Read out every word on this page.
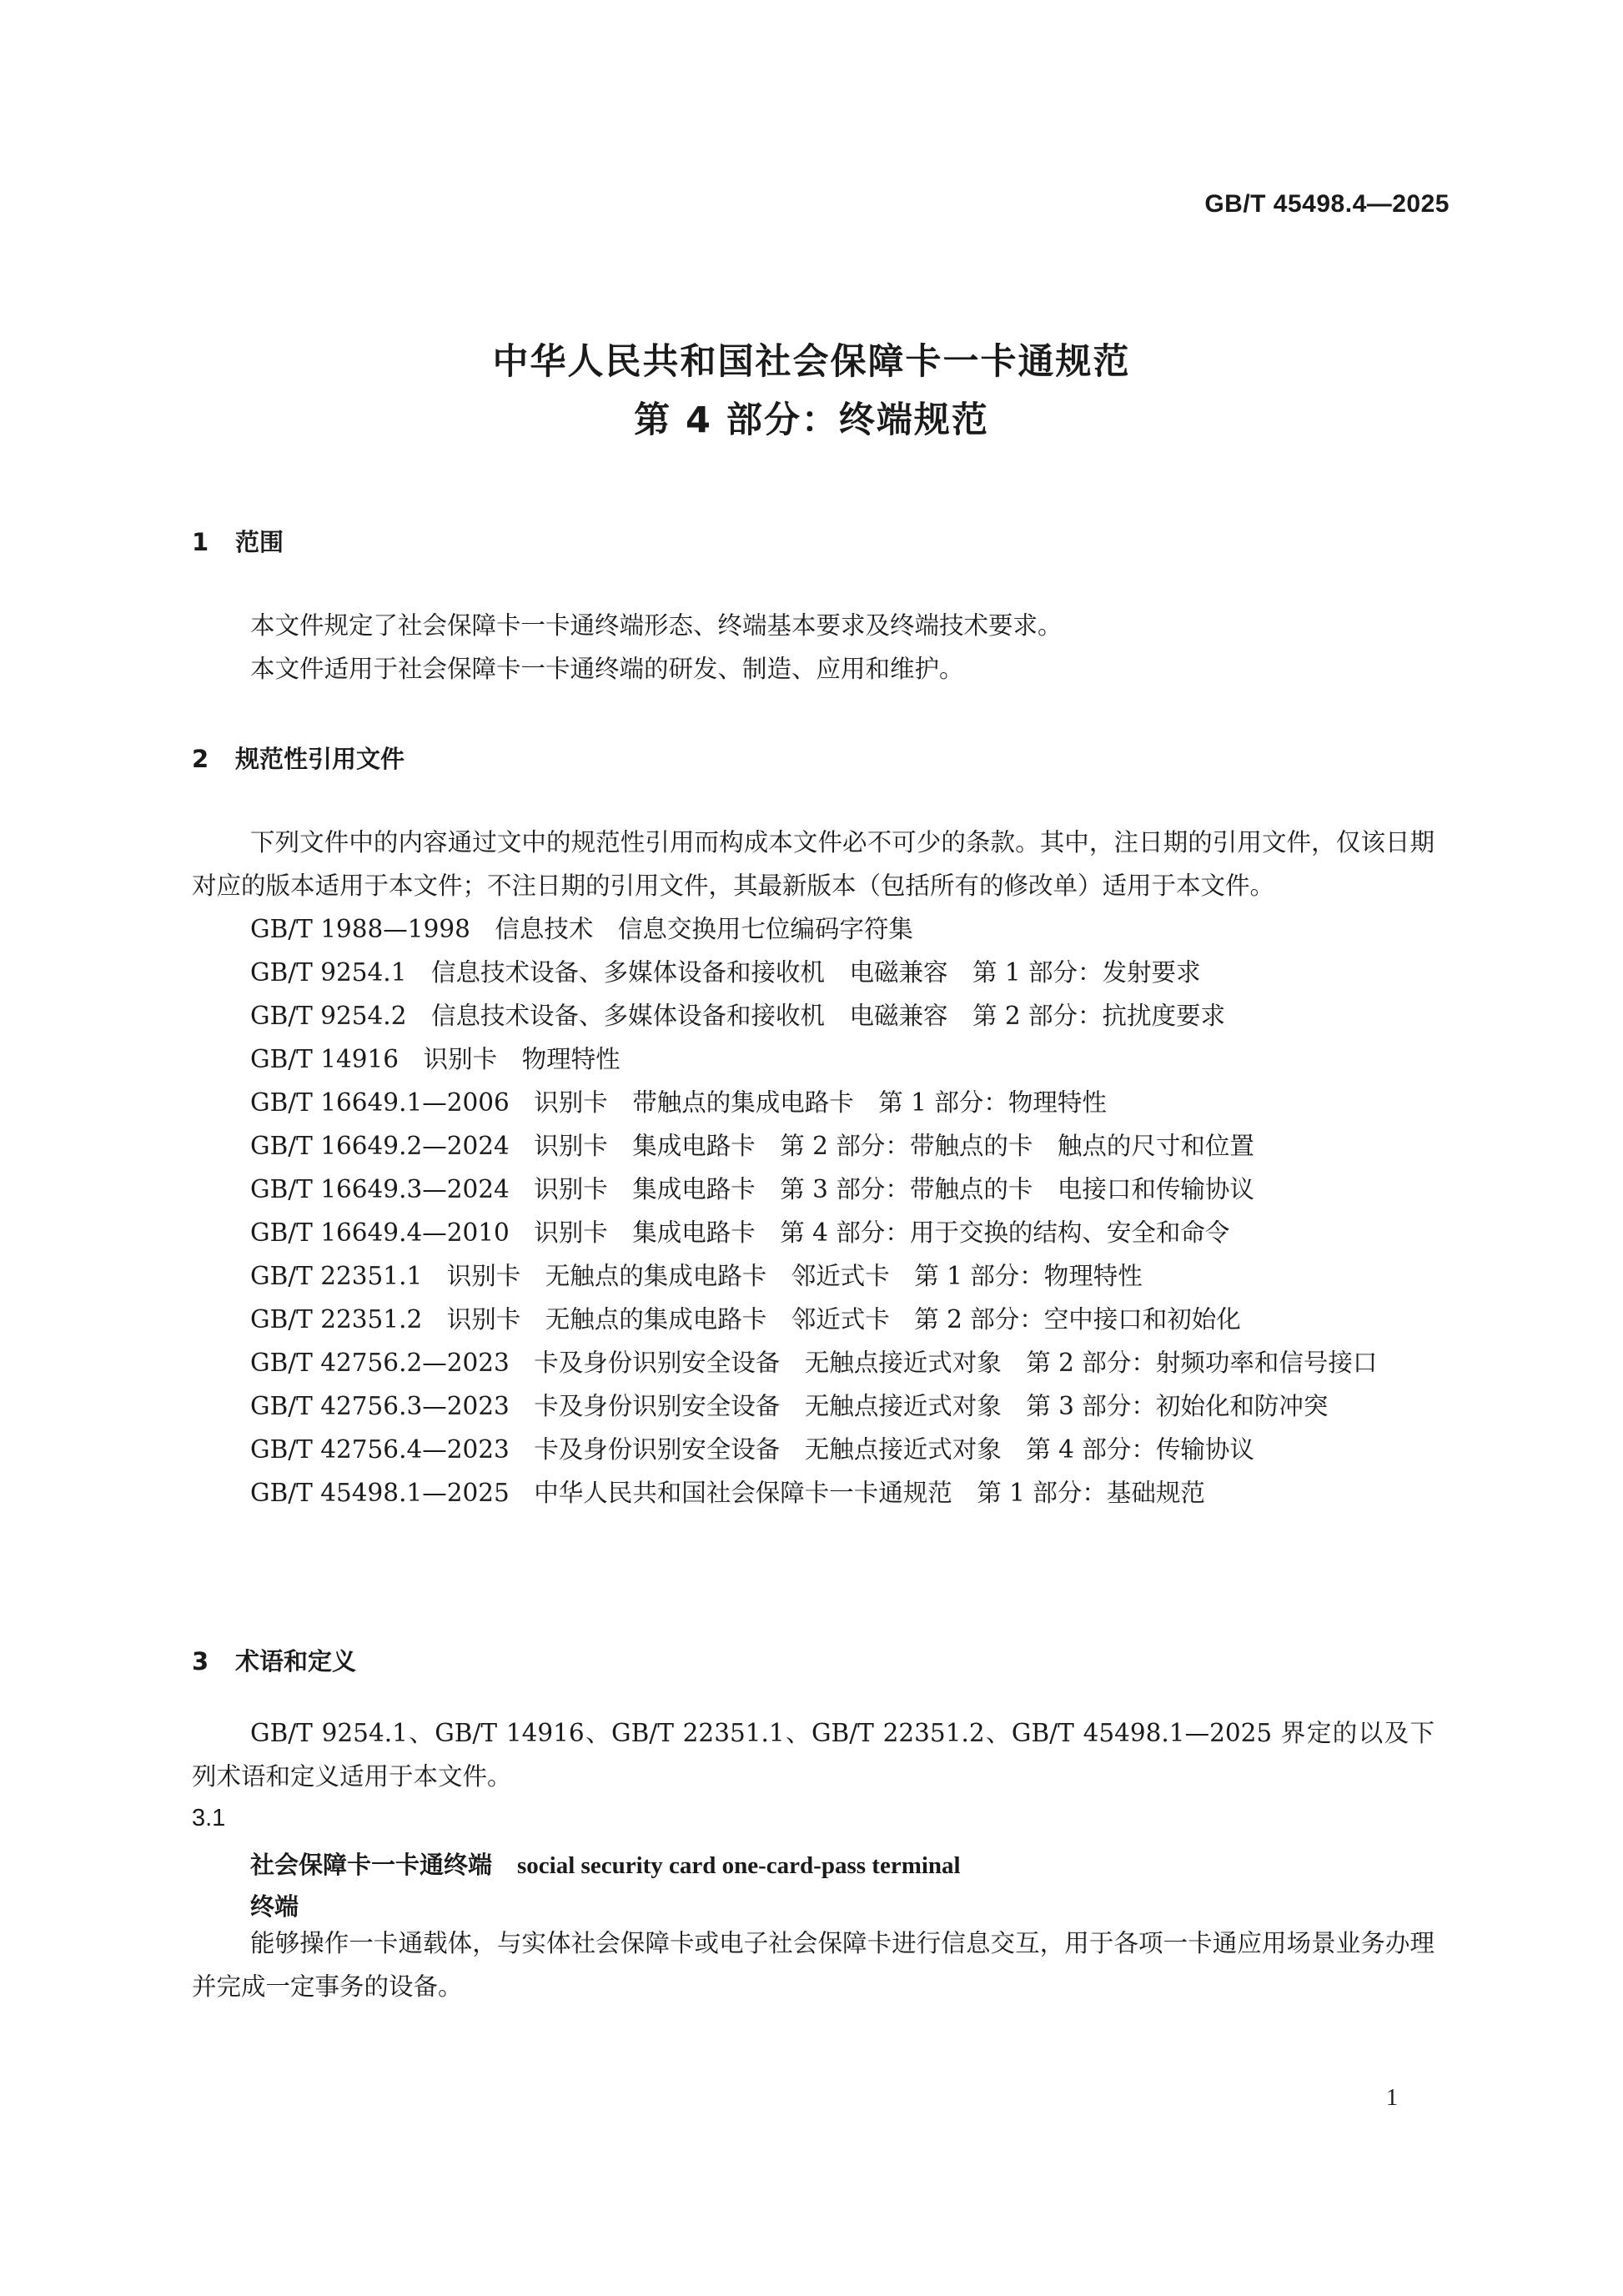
GB/T 45498.4—2025
中华人民共和国社会保障卡一卡通规范
第 4 部分：终端规范
1 范围

本文件规定了社会保障卡一卡通终端形态、终端基本要求及终端技术要求。

本文件适用于社会保障卡一卡通终端的研发、制造、应用和维护。

2 规范性引用文件

下列文件中的内容通过文中的规范性引用而构成本文件必不可少的条款。其中，注日期的引用文件，仅该日期对应的版本适用于本文件；不注日期的引用文件，其最新版本（包括所有的修改单）适用于本文件。

GB/T 1988—1998　信息技术　信息交换用七位编码字符集

GB/T 9254.1　信息技术设备、多媒体设备和接收机　电磁兼容　第 1 部分：发射要求

GB/T 9254.2　信息技术设备、多媒体设备和接收机　电磁兼容　第 2 部分：抗扰度要求

GB/T 14916　识别卡　物理特性

GB/T 16649.1—2006　识别卡　带触点的集成电路卡　第 1 部分：物理特性

GB/T 16649.2—2024　识别卡　集成电路卡　第 2 部分：带触点的卡　触点的尺寸和位置

GB/T 16649.3—2024　识别卡　集成电路卡　第 3 部分：带触点的卡　电接口和传输协议

GB/T 16649.4—2010　识别卡　集成电路卡　第 4 部分：用于交换的结构、安全和命令

GB/T 22351.1　识别卡　无触点的集成电路卡　邻近式卡　第 1 部分：物理特性

GB/T 22351.2　识别卡　无触点的集成电路卡　邻近式卡　第 2 部分：空中接口和初始化

GB/T 42756.2—2023　卡及身份识别安全设备　无触点接近式对象　第 2 部分：射频功率和信号接口

GB/T 42756.3—2023　卡及身份识别安全设备　无触点接近式对象　第 3 部分：初始化和防冲突

GB/T 42756.4—2023　卡及身份识别安全设备　无触点接近式对象　第 4 部分：传输协议

GB/T 45498.1—2025　中华人民共和国社会保障卡一卡通规范　第 1 部分：基础规范

3 术语和定义

GB/T 9254.1、GB/T 14916、GB/T 22351.1、GB/T 22351.2、GB/T 45498.1—2025 界定的以及下列术语和定义适用于本文件。

3.1
社会保障卡一卡通终端 social security card one-card-pass terminal
终端

能够操作一卡通载体，与实体社会保障卡或电子社会保障卡进行信息交互，用于各项一卡通应用场景业务办理并完成一定事务的设备。

1
